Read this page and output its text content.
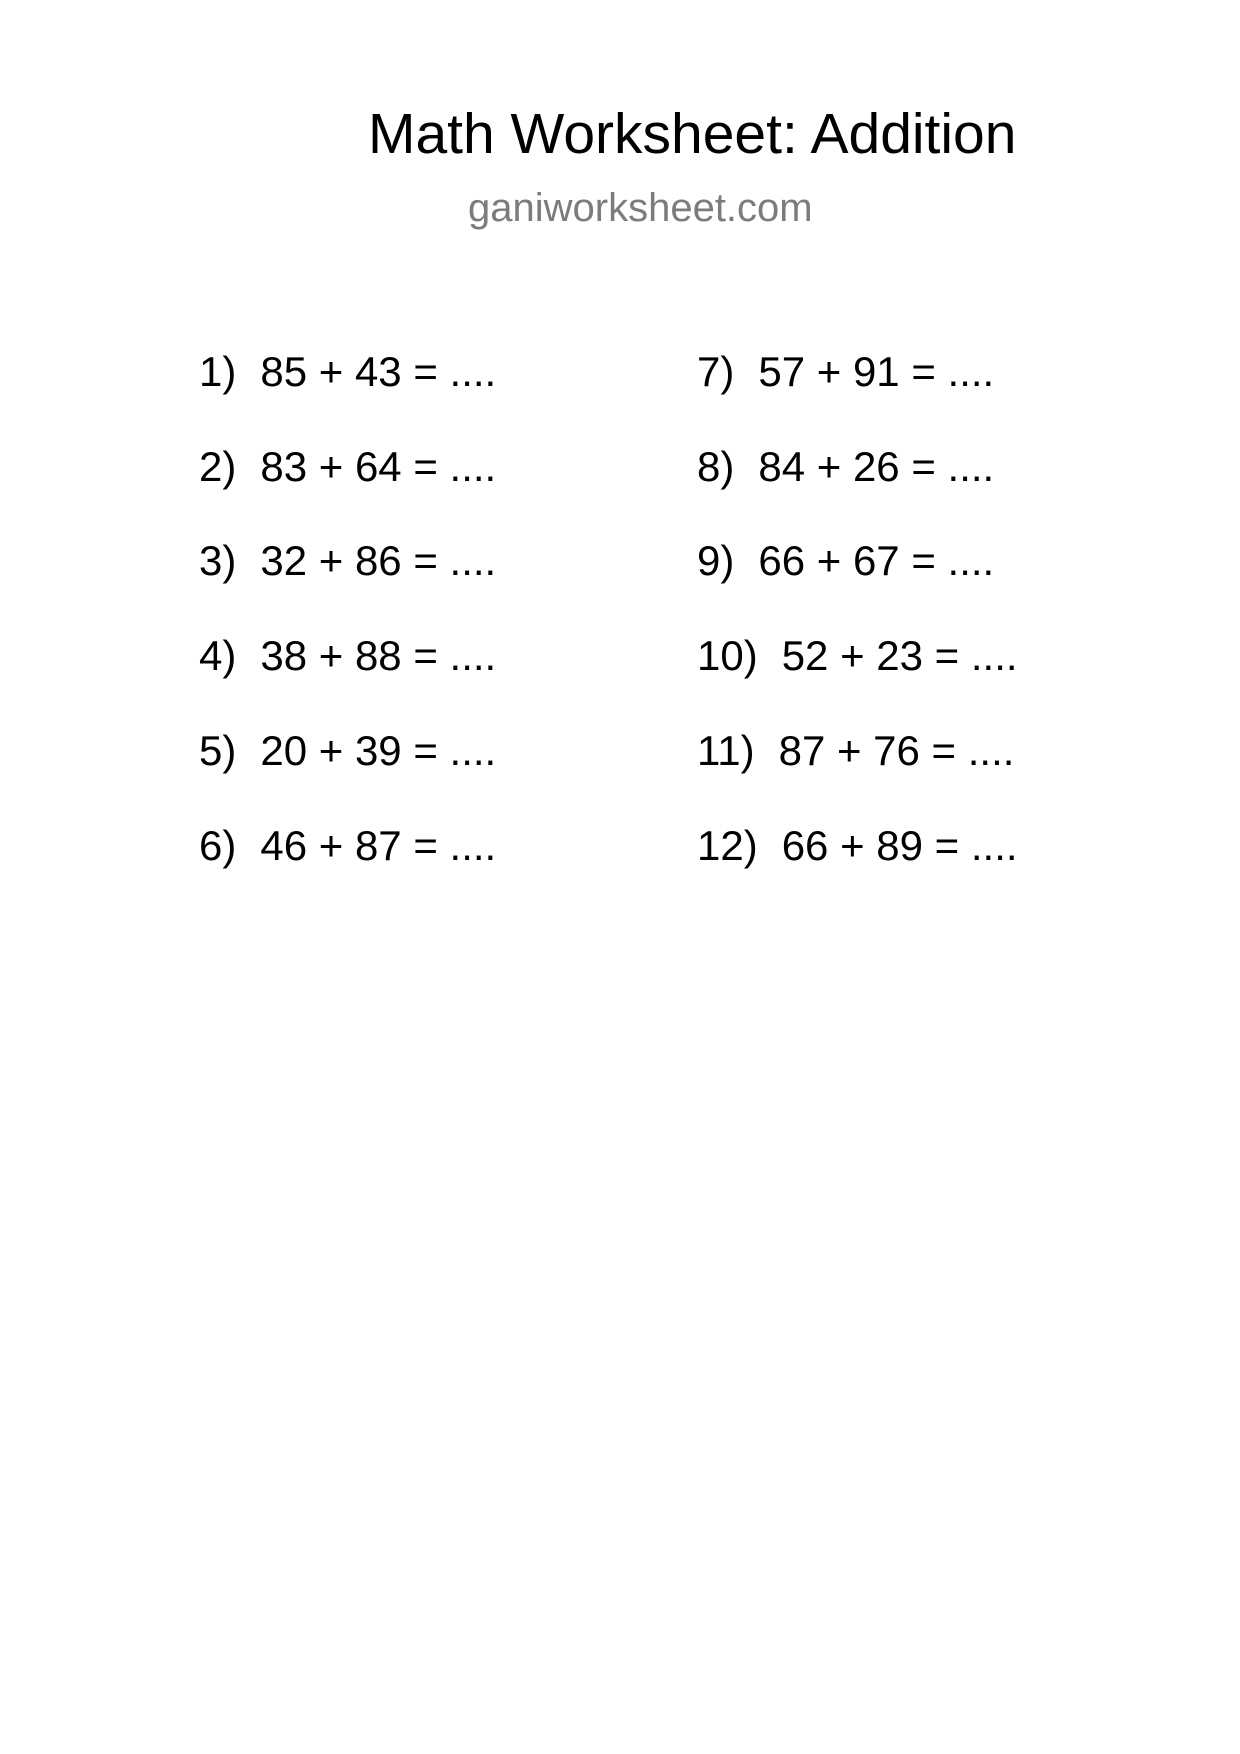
Math Worksheet: Addition
ganiworksheet.com
1) 85 + 43 = ....
2) 83 + 64 = ....
3) 32 + 86 = ....
4) 38 + 88 = ....
5) 20 + 39 = ....
6) 46 + 87 = ....
7) 57 + 91 = ....
8) 84 + 26 = ....
9) 66 + 67 = ....
10) 52 + 23 = ....
11) 87 + 76 = ....
12) 66 + 89 = ....
